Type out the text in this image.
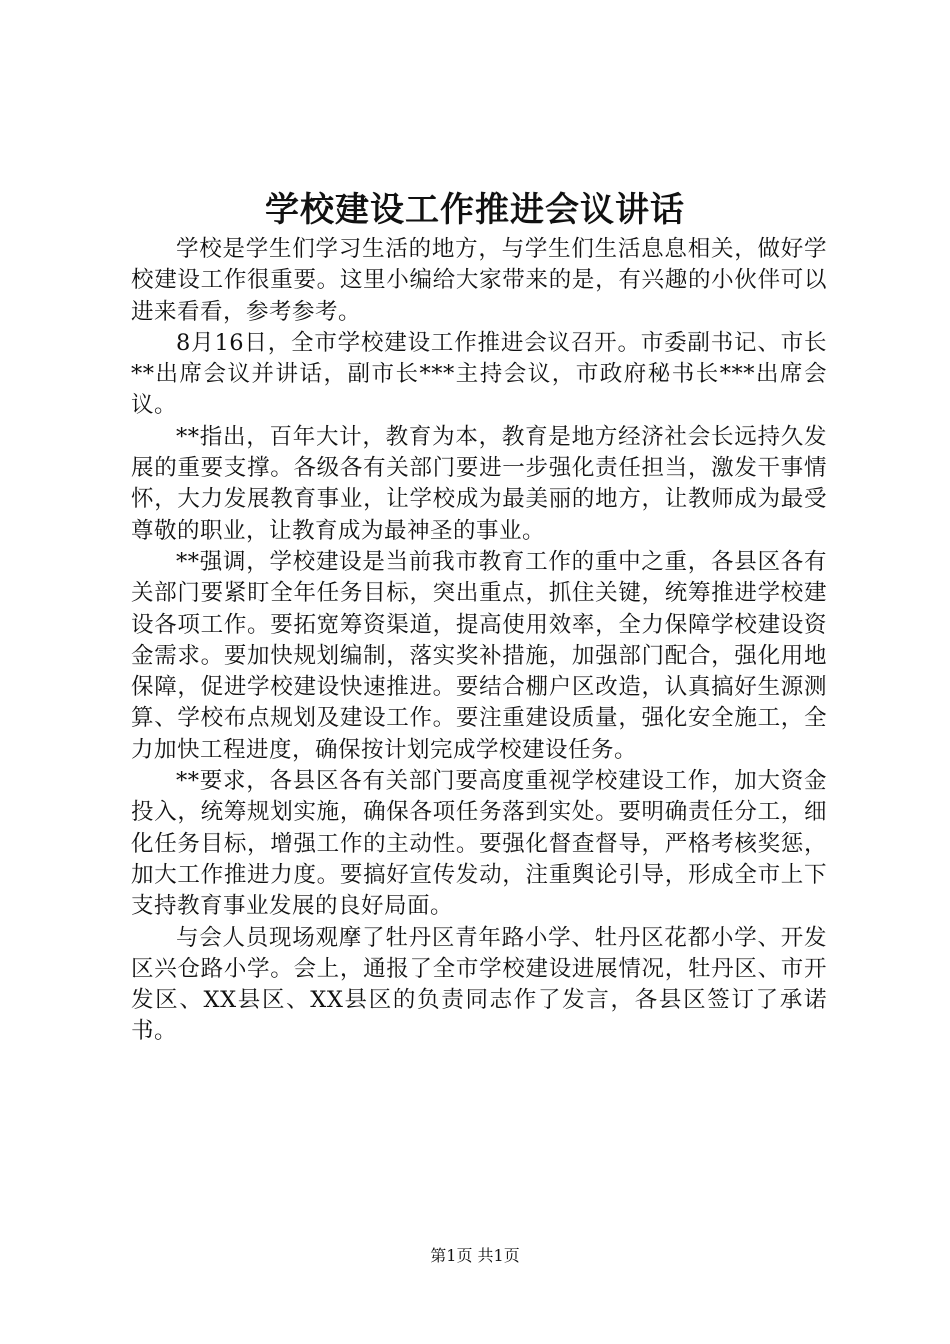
学校建设工作推进会议讲话

学校是学生们学习生活的地方，与学生们生活息息相关，做好学校建设工作很重要。这里小编给大家带来的是，有兴趣的小伙伴可以进来看看，参考参考。

8月16日，全市学校建设工作推进会议召开。市委副书记、市长**出席会议并讲话，副市长***主持会议，市政府秘书长***出席会议。

**指出，百年大计，教育为本，教育是地方经济社会长远持久发展的重要支撑。各级各有关部门要进一步强化责任担当，激发干事情怀，大力发展教育事业，让学校成为最美丽的地方，让教师成为最受尊敬的职业，让教育成为最神圣的事业。

**强调，学校建设是当前我市教育工作的重中之重，各县区各有关部门要紧盯全年任务目标，突出重点，抓住关键，统筹推进学校建设各项工作。要拓宽筹资渠道，提高使用效率，全力保障学校建设资金需求。要加快规划编制，落实奖补措施，加强部门配合，强化用地保障，促进学校建设快速推进。要结合棚户区改造，认真搞好生源测算、学校布点规划及建设工作。要注重建设质量，强化安全施工，全力加快工程进度，确保按计划完成学校建设任务。

**要求，各县区各有关部门要高度重视学校建设工作，加大资金投入，统筹规划实施，确保各项任务落到实处。要明确责任分工，细化任务目标，增强工作的主动性。要强化督查督导，严格考核奖惩，加大工作推进力度。要搞好宣传发动，注重舆论引导，形成全市上下支持教育事业发展的良好局面。

与会人员现场观摩了牡丹区青年路小学、牡丹区花都小学、开发区兴仓路小学。会上，通报了全市学校建设进展情况，牡丹区、市开发区、XX县区、XX县区的负责同志作了发言，各县区签订了承诺书。

第1页 共1页
